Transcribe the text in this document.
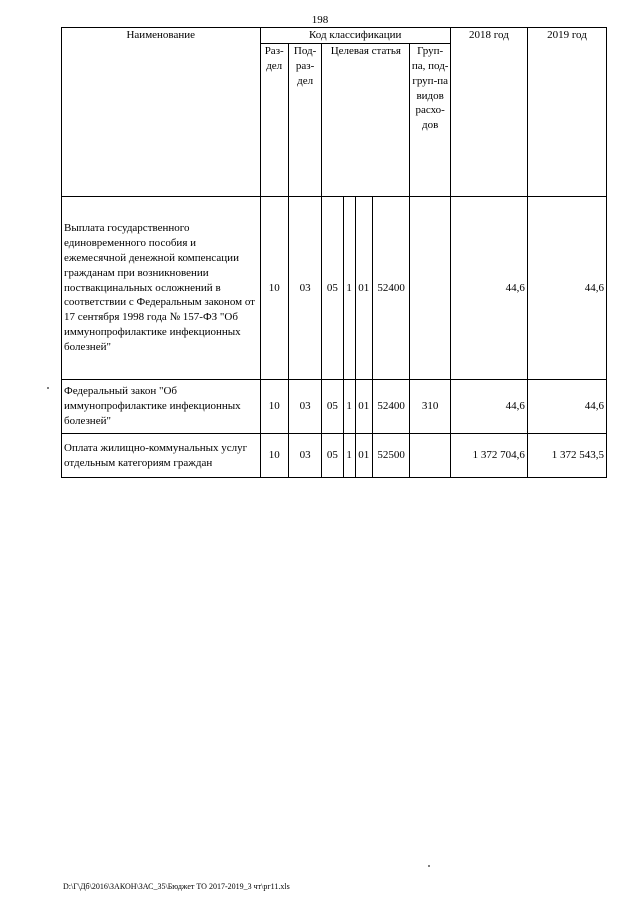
198
Наименование	Код классификации							2018 год	2019 год
	Раз-дел	Под-раз-дел	Целевая статья				Груп-па, под-груп-па видов расхо-дов		
Выплата государственного единовременного пособия и ежемесячной денежной компенсации гражданам при возникновении поствакцинальных осложнений в соответствии с Федеральным законом от 17 сентября 1998 года № 157-ФЗ "Об иммунопрофилактике инфекционных болезней"	10	03	05	1	01	52400		44,6	44,6
Федеральный закон "Об иммунопрофилактике инфекционных болезней"	10	03	05	1	01	52400	310	44,6	44,6
Оплата жилищно-коммунальных услуг отдельным категориям граждан	10	03	05	1	01	52500		1 372 704,6	1 372 543,5
D:\Г\Дб\2016\ЗАКОН\ЗАС_35\Бюджет ТО 2017-2019_3 чт\рг11.xls
